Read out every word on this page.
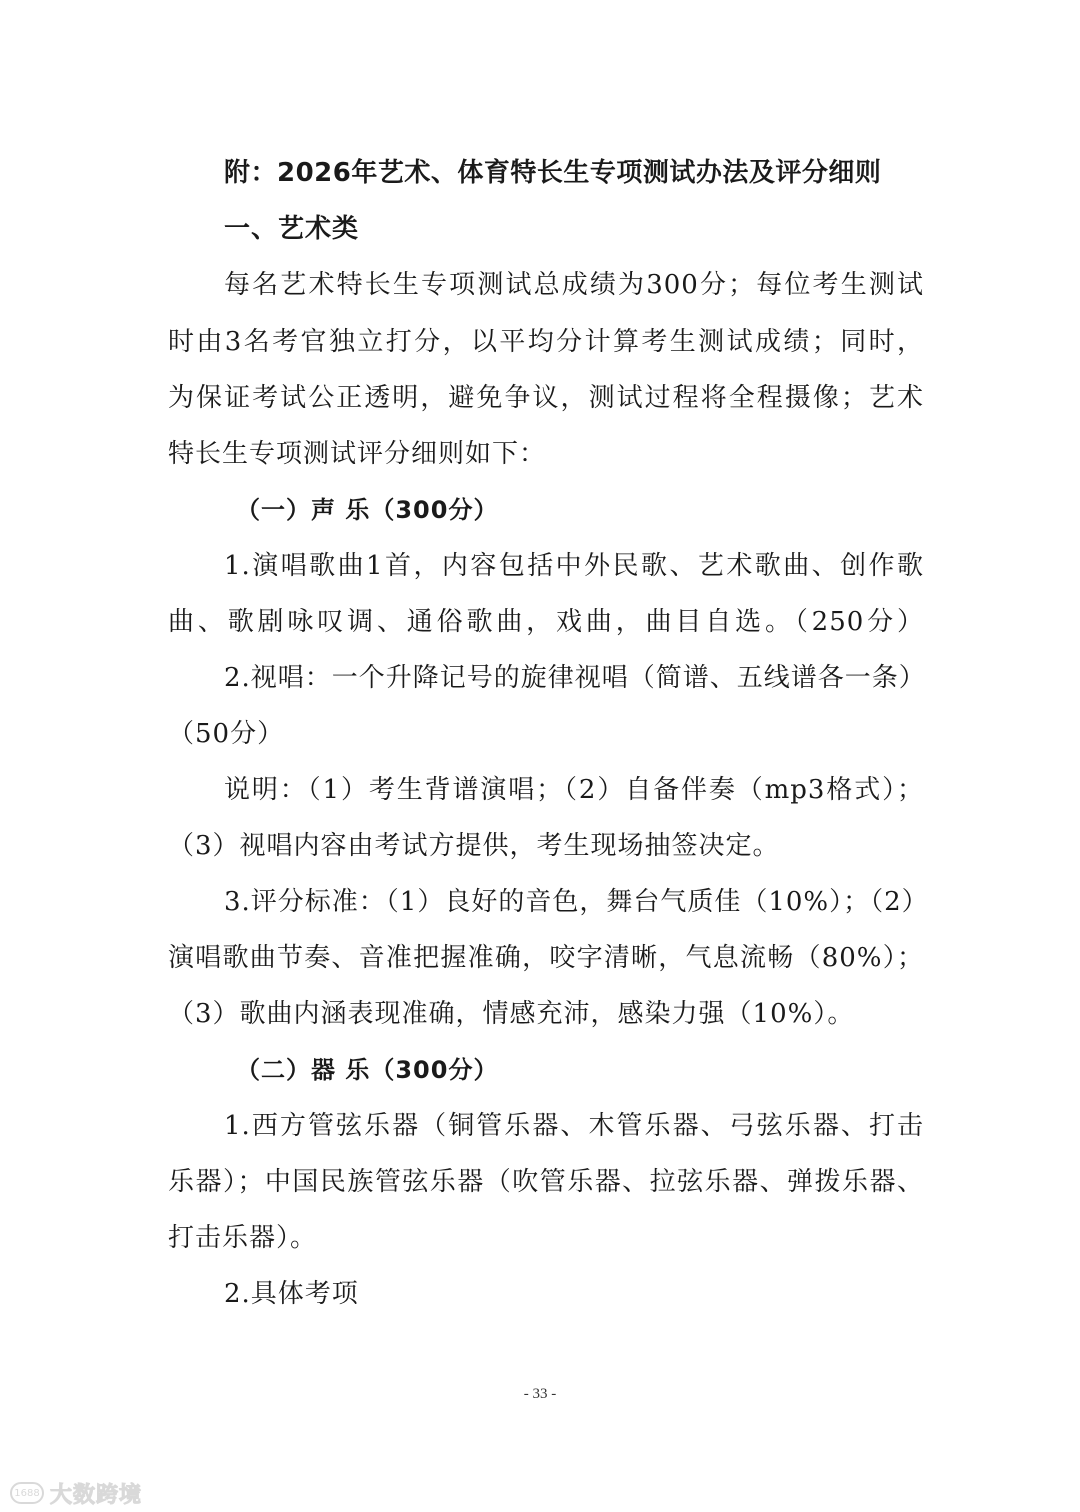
附：2026年艺术、体育特长生专项测试办法及评分细则
一、艺术类
每名艺术特长生专项测试总成绩为300分；每位考生测试
时由3名考官独立打分，以平均分计算考生测试成绩；同时，
为保证考试公正透明，避免争议，测试过程将全程摄像；艺术
特长生专项测试评分细则如下：
（一）声 乐（300分）
1.演唱歌曲1首，内容包括中外民歌、艺术歌曲、创作歌
曲、歌剧咏叹调、通俗歌曲，戏曲，曲目自选。（250分）
2.视唱：一个升降记号的旋律视唱（简谱、五线谱各一条）
（50分）
说明：（1）考生背谱演唱；（2）自备伴奏（mp3格式）；
（3）视唱内容由考试方提供，考生现场抽签决定。
3.评分标准：（1）良好的音色，舞台气质佳（10%）；（2）
演唱歌曲节奏、音准把握准确，咬字清晰，气息流畅（80%）；
（3）歌曲内涵表现准确，情感充沛，感染力强（10%）。
（二）器 乐（300分）
1.西方管弦乐器（铜管乐器、木管乐器、弓弦乐器、打击
乐器）；中国民族管弦乐器（吹管乐器、拉弦乐器、弹拨乐器、
打击乐器）。
2.具体考项
- 33 -
1688 大数跨境
